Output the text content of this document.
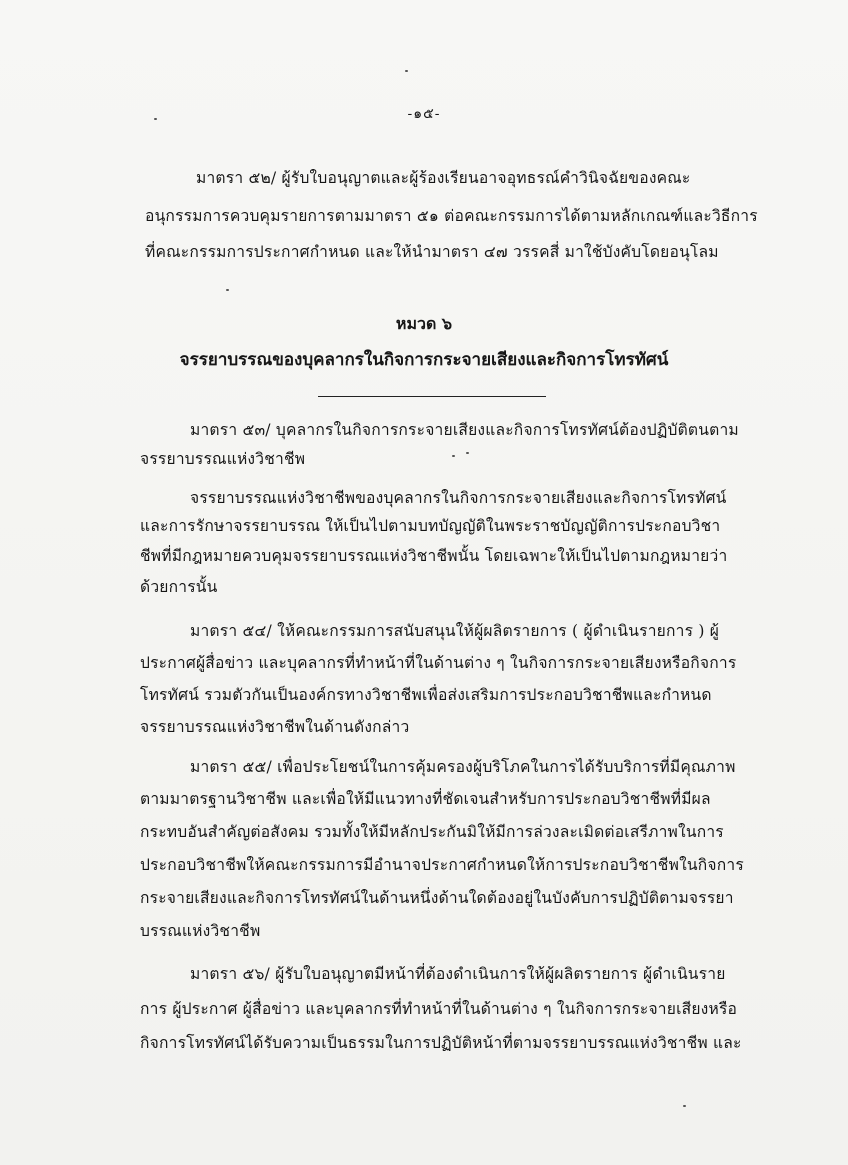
-๑๕-
มาตรา ๕๒/ ผู้รับใบอนุญาตและผู้ร้องเรียนอาจอุทธรณ์คำวินิจฉัยของคณะ
อนุกรรมการควบคุมรายการตามมาตรา ๕๑ ต่อคณะกรรมการได้ตามหลักเกณฑ์และวิธีการ
ที่คณะกรรมการประกาศกำหนด และให้นำมาตรา ๔๗ วรรคสี่ มาใช้บังคับโดยอนุโลม
หมวด ๖
จรรยาบรรณของบุคลากรในกิจการกระจายเสียงและกิจการโทรทัศน์
มาตรา ๕๓/ บุคลากรในกิจการกระจายเสียงและกิจการโทรทัศน์ต้องปฏิบัติตนตาม
จรรยาบรรณแห่งวิชาชีพ
จรรยาบรรณแห่งวิชาชีพของบุคลากรในกิจการกระจายเสียงและกิจการโทรทัศน์
และการรักษาจรรยาบรรณ ให้เป็นไปตามบทบัญญัติในพระราชบัญญัติการประกอบวิชา
ชีพที่มีกฎหมายควบคุมจรรยาบรรณแห่งวิชาชีพนั้น โดยเฉพาะให้เป็นไปตามกฎหมายว่า
ด้วยการนั้น
มาตรา ๕๔/ ให้คณะกรรมการสนับสนุนให้ผู้ผลิตรายการ ( ผู้ดำเนินรายการ ) ผู้
ประกาศผู้สื่อข่าว และบุคลากรที่ทำหน้าที่ในด้านต่าง ๆ ในกิจการกระจายเสียงหรือกิจการ
โทรทัศน์ รวมตัวกันเป็นองค์กรทางวิชาชีพเพื่อส่งเสริมการประกอบวิชาชีพและกำหนด
จรรยาบรรณแห่งวิชาชีพในด้านดังกล่าว
มาตรา ๕๕/ เพื่อประโยชน์ในการคุ้มครองผู้บริโภคในการได้รับบริการที่มีคุณภาพ
ตามมาตรฐานวิชาชีพ และเพื่อให้มีแนวทางที่ชัดเจนสำหรับการประกอบวิชาชีพที่มีผล
กระทบอันสำคัญต่อสังคม รวมทั้งให้มีหลักประกันมิให้มีการล่วงละเมิดต่อเสรีภาพในการ
ประกอบวิชาชีพให้คณะกรรมการมีอำนาจประกาศกำหนดให้การประกอบวิชาชีพในกิจการ
กระจายเสียงและกิจการโทรทัศน์ในด้านหนึ่งด้านใดต้องอยู่ในบังคับการปฏิบัติตามจรรยา
บรรณแห่งวิชาชีพ
มาตรา ๕๖/ ผู้รับใบอนุญาตมีหน้าที่ต้องดำเนินการให้ผู้ผลิตรายการ ผู้ดำเนินราย
การ ผู้ประกาศ ผู้สื่อข่าว และบุคลากรที่ทำหน้าที่ในด้านต่าง ๆ ในกิจการกระจายเสียงหรือ
กิจการโทรทัศน์ได้รับความเป็นธรรมในการปฏิบัติหน้าที่ตามจรรยาบรรณแห่งวิชาชีพ และ
